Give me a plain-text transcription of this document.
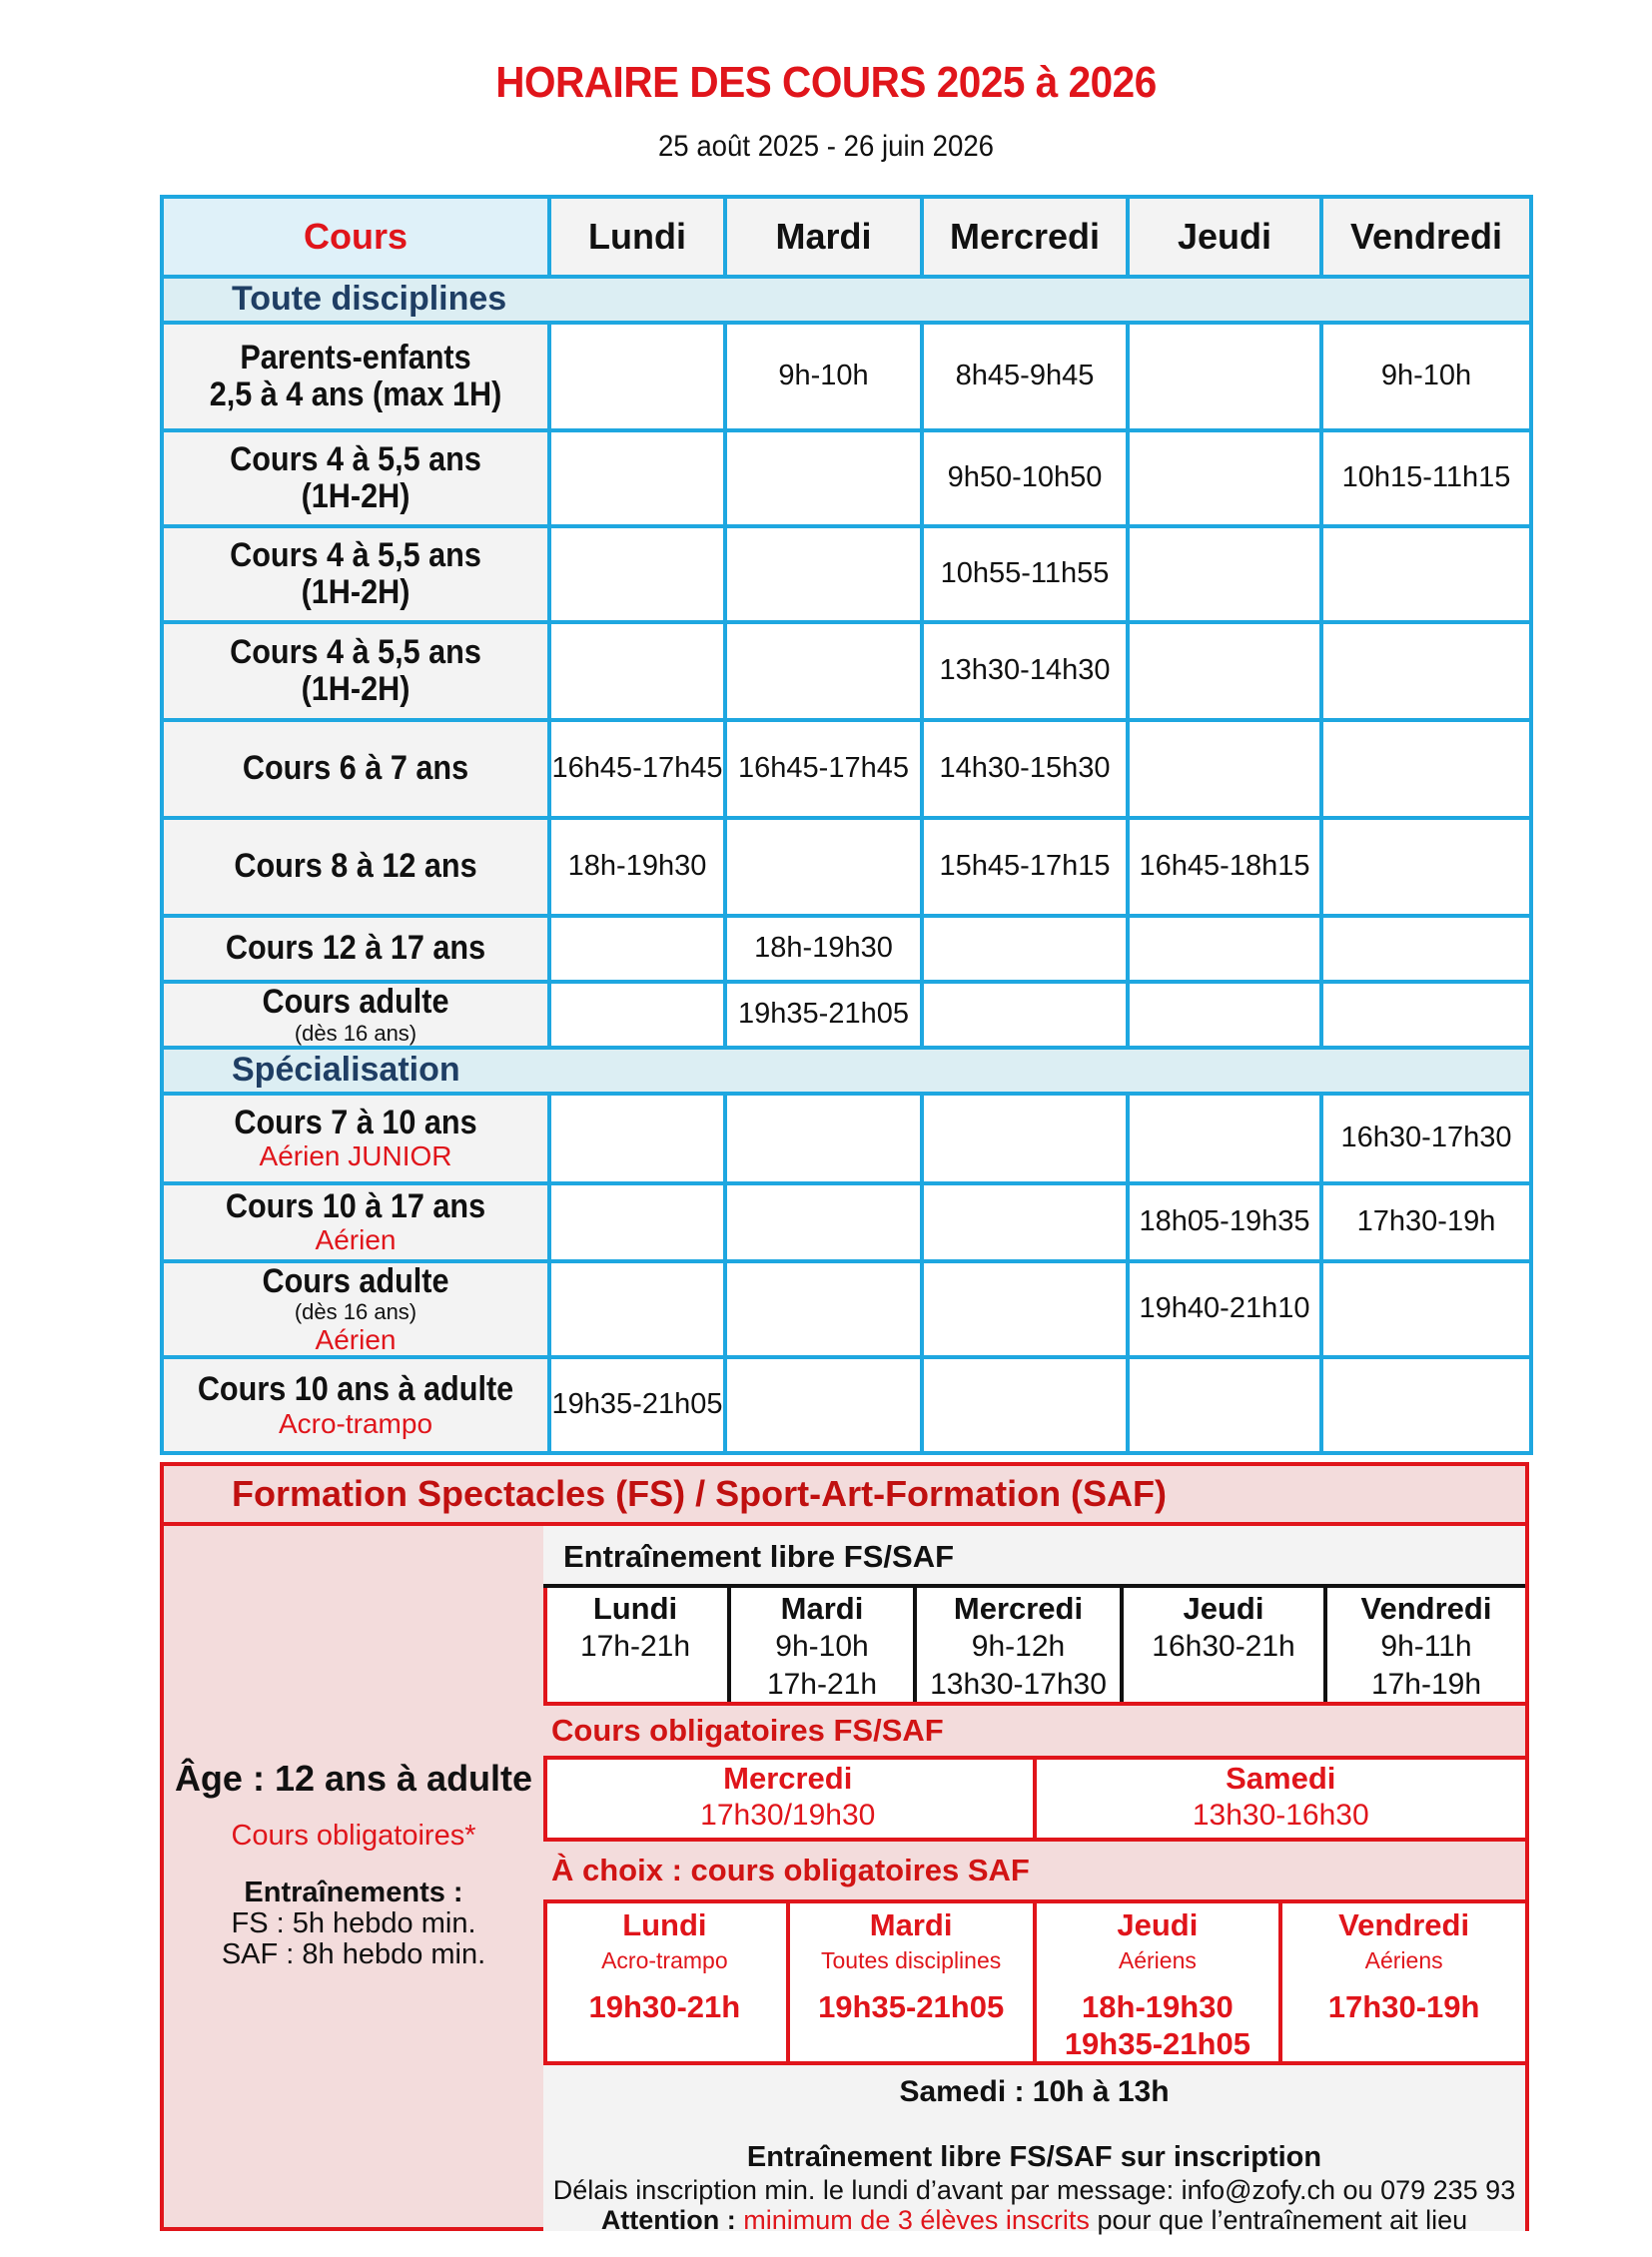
HORAIRE DES COURS 2025 à 2026
25 août 2025 - 26 juin 2026
Cours	Lundi	Mardi	Mercredi	Jeudi	Vendredi
Toute disciplines					

Parents-enfants
2,5 à 4 ans (max 1H)		9h-10h	8h45-9h45		9h-10h

Cours 4 à 5,5 ans
(1H-2H)			9h50-10h50		10h15-11h15

Cours 4 à 5,5 ans
(1H-2H)			10h55-11h55		

Cours 4 à 5,5 ans
(1H-2H)			13h30-14h30		

Cours 6 à 7 ans	16h45-17h45	16h45-17h45	14h30-15h30		

Cours 8 à 12 ans	18h-19h30		15h45-17h15	16h45-18h15	

Cours 12 à 17 ans		18h-19h30			

Cours adulte
(dès 16 ans)		19h35-21h05			
Spécialisation					

Cours 7 à 10 ans
Aérien JUNIOR					16h30-17h30

Cours 10 à 17 ans
Aérien				18h05-19h35	17h30-19h

Cours adulte
(dès 16 ans)
Aérien				19h40-21h10	

Cours 10 ans à adulte
Acro-trampo	19h35-21h05				
Formation Spectacles (FS) / Sport-Art-Formation (SAF)
Âge : 12 ans à adulte
Cours obligatoires*
Entraînements :
FS : 5h hebdo min.
SAF : 8h hebdo min.
Entraînement libre FS/SAF
Lundi
17h-21h
Mardi
9h-10h
17h-21h
Mercredi
9h-12h
13h30-17h30
Jeudi
16h30-21h
Vendredi
9h-11h
17h-19h
Cours obligatoires FS/SAF
Mercredi
17h30/19h30
Samedi
13h30-16h30
À choix : cours obligatoires SAF
Lundi
Acro-trampo
19h30-21h
Mardi
Toutes disciplines
19h35-21h05
Jeudi
Aériens
18h-19h30
19h35-21h05
Vendredi
Aériens
17h30-19h
Samedi : 10h à 13h
Entraînement libre FS/SAF sur inscription
Délais inscription min. le lundi d’avant par message: info@zofy.ch ou 079 235 93
Attention : minimum de 3 élèves inscrits pour que l’entraînement ait lieu
